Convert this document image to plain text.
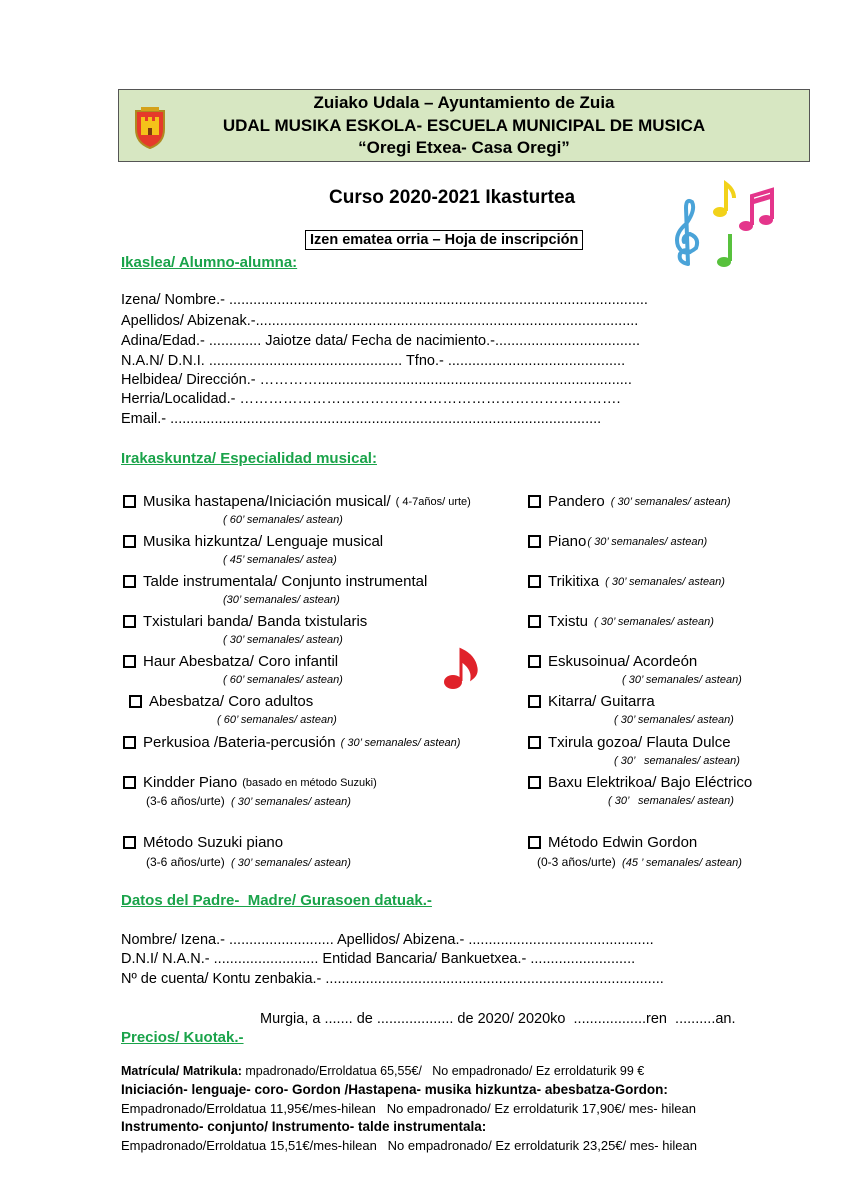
Zuiako Udala – Ayuntamiento de Zuia
UDAL MUSIKA ESKOLA- ESCUELA MUNICIPAL DE MUSICA
“Oregi Etxea- Casa Oregi”
Curso 2020-2021 Ikasturtea
Izen ematea orria – Hoja de inscripción
Ikaslea/ Alumno-alumna:
Izena/ Nombre.- ........................................................................................................
Apellidos/ Abizenak.-...............................................................................................
Adina/Edad.- ............. Jaiotze data/ Fecha de nacimiento.-....................................
N.A.N/ D.N.I. ................................................ Tfno.- ............................................
Helbidea/ Dirección.- …………..............................................................................
Herria/Localidad.- …………………………………………………………………….
Email.- ...........................................................................................................
Irakaskuntza/ Especialidad musical:
Musika hastapena/Iniciación musical/ ( 4-7años/ urte)
( 60’ semanales/ astean)
Musika hizkuntza/ Lenguaje musical
( 45’ semanales/ astea)
Talde instrumentala/ Conjunto instrumental
(30’ semanales/ astean)
Txistulari banda/ Banda txistularis
( 30’ semanales/ astean)
Haur Abesbatza/ Coro infantil
( 60’ semanales/ astean)
Abesbatza/ Coro adultos
( 60’ semanales/ astean)
Perkusioa /Bateria-percusión ( 30’ semanales/ astean)
Kindder Piano (basado en método Suzuki)
(3-6 años/urte) ( 30’ semanales/ astean)
Método Suzuki piano
(3-6 años/urte) ( 30’ semanales/ astean)
Pandero ( 30’ semanales/ astean)
Piano ( 30’ semanales/ astean)
Trikitixa ( 30’ semanales/ astean)
Txistu ( 30’ semanales/ astean)
Eskusoinua/ Acordeón
( 30’ semanales/ astean)
Kitarra/ Guitarra
( 30’ semanales/ astean)
Txirula gozoa/ Flauta Dulce
( 30’   semanales/ astean)
Baxu Elektrikoa/ Bajo Eléctrico
( 30’   semanales/ astean)
Método Edwin Gordon
(0-3 años/urte) (45 ’ semanales/ astean)
Datos del Padre-  Madre/ Gurasoen datuak.-
Nombre/ Izena.- .......................... Apellidos/ Abizena.- ..............................................
D.N.I/ N.A.N.- .......................... Entidad Bancaria/ Bankuetxea.- ..........................
Nº de cuenta/ Kontu zenbakia.- ....................................................................................
Murgia, a ....... de ................... de 2020/ 2020ko  ..................ren  ..........an.
Precios/ Kuotak.-
Matrícula/ Matrikula: mpadronado/Erroldatua 65,55€/   No empadronado/ Ez erroldaturik 99 €
Iniciación- lenguaje- coro- Gordon /Hastapena- musika hizkuntza- abesbatza-Gordon:
Empadronado/Erroldatua 11,95€/mes-hilean   No empadronado/ Ez erroldaturik 17,90€/ mes- hilean
Instrumento- conjunto/ Instrumento- talde instrumentala:
Empadronado/Erroldatua 15,51€/mes-hilean   No empadronado/ Ez erroldaturik 23,25€/ mes- hilean
